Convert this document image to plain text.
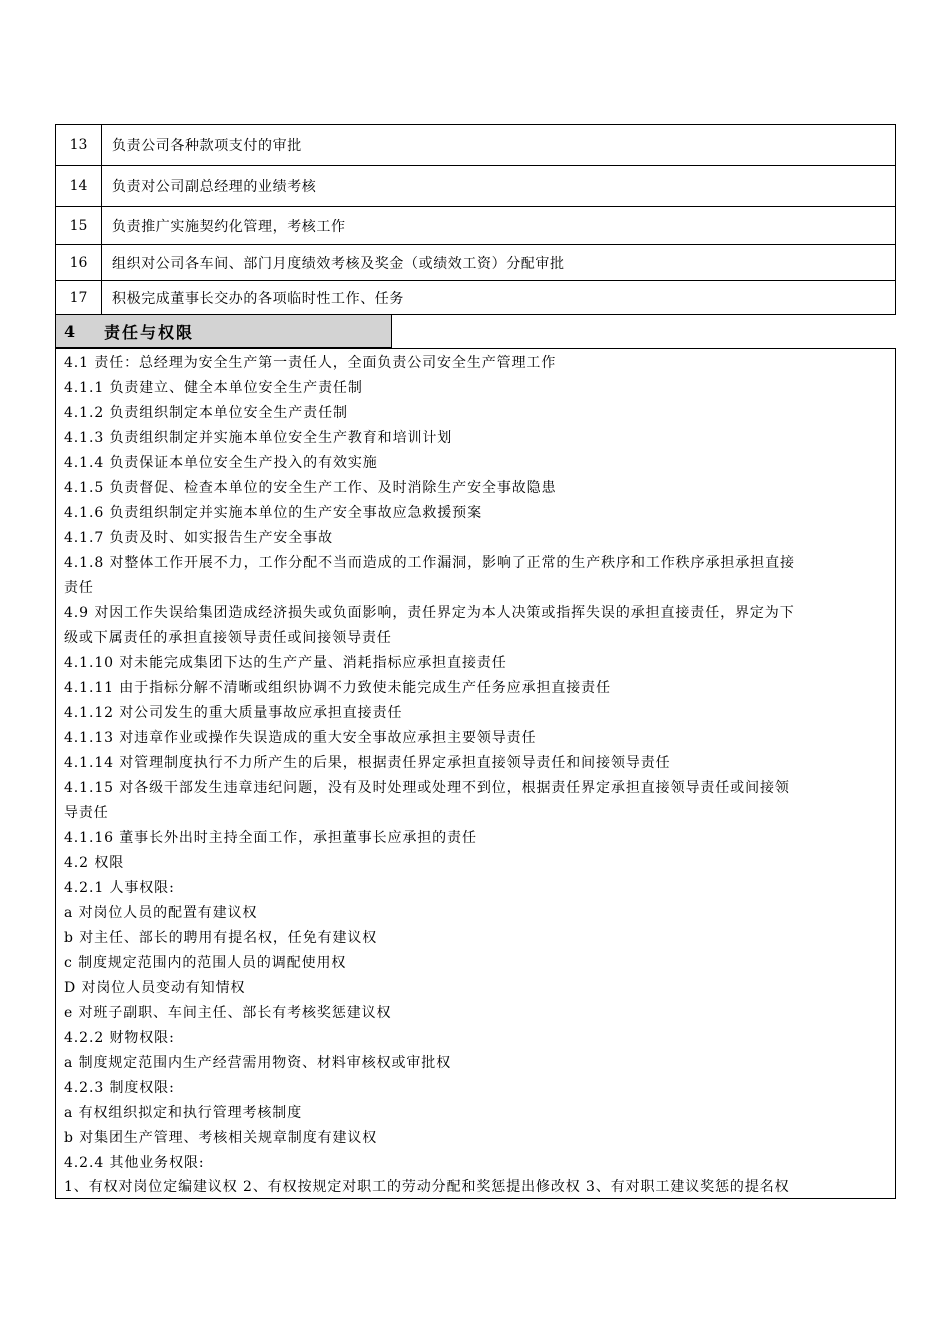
13	负责公司各种款项支付的审批
14	负责对公司副总经理的业绩考核
15	负责推广实施契约化管理，考核工作
16	组织对公司各车间、部门月度绩效考核及奖金（或绩效工资）分配审批
17	积极完成董事长交办的各项临时性工作、任务
4	责任与权限
4.1 责任：总经理为安全生产第一责任人，全面负责公司安全生产管理工作
4.1.1 负责建立、健全本单位安全生产责任制
4.1.2 负责组织制定本单位安全生产责任制
4.1.3 负责组织制定并实施本单位安全生产教育和培训计划
4.1.4 负责保证本单位安全生产投入的有效实施
4.1.5 负责督促、检查本单位的安全生产工作、及时消除生产安全事故隐患
4.1.6 负责组织制定并实施本单位的生产安全事故应急救援预案
4.1.7 负责及时、如实报告生产安全事故
4.1.8 对整体工作开展不力，工作分配不当而造成的工作漏洞，影响了正常的生产秩序和工作秩序承担承担直接
责任
4.9 对因工作失误给集团造成经济损失或负面影响，责任界定为本人决策或指挥失误的承担直接责任，界定为下
级或下属责任的承担直接领导责任或间接领导责任
4.1.10 对未能完成集团下达的生产产量、消耗指标应承担直接责任
4.1.11 由于指标分解不清晰或组织协调不力致使未能完成生产任务应承担直接责任
4.1.12 对公司发生的重大质量事故应承担直接责任
4.1.13 对违章作业或操作失误造成的重大安全事故应承担主要领导责任
4.1.14 对管理制度执行不力所产生的后果，根据责任界定承担直接领导责任和间接领导责任
4.1.15 对各级干部发生违章违纪问题，没有及时处理或处理不到位，根据责任界定承担直接领导责任或间接领
导责任
4.1.16 董事长外出时主持全面工作，承担董事长应承担的责任
4.2 权限
4.2.1 人事权限:
a 对岗位人员的配置有建议权
b 对主任、部长的聘用有提名权，任免有建议权
c 制度规定范围内的范围人员的调配使用权
D 对岗位人员变动有知情权
e 对班子副职、车间主任、部长有考核奖惩建议权
4.2.2 财物权限:
a 制度规定范围内生产经营需用物资、材料审核权或审批权
4.2.3 制度权限:
a 有权组织拟定和执行管理考核制度
b 对集团生产管理、考核相关规章制度有建议权
4.2.4 其他业务权限:
1、有权对岗位定编建议权 2、有权按规定对职工的劳动分配和奖惩提出修改权 3、有对职工建议奖惩的提名权
